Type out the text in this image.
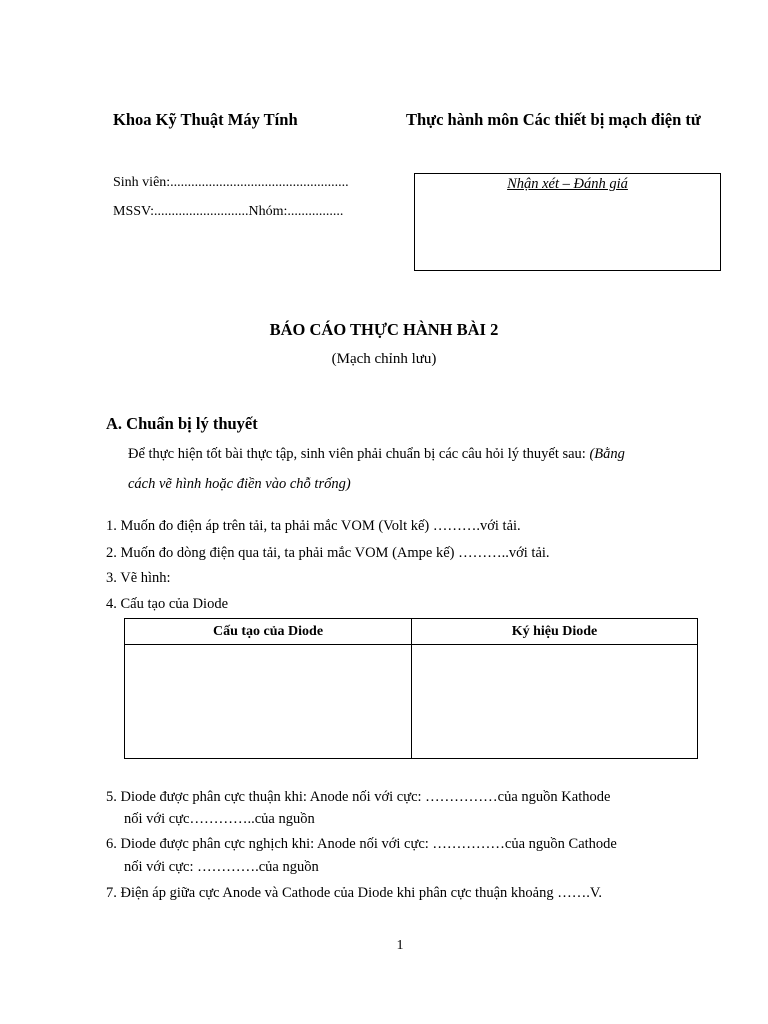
Khoa Kỹ Thuật Máy Tính	Thực hành môn Các thiết bị mạch điện tử
Sinh viên:...................................................
MSSV:...........................Nhóm:................
Nhận xét – Đánh giá
BÁO CÁO THỰC HÀNH BÀI 2
(Mạch chỉnh lưu)
A. Chuẩn bị lý thuyết
Để thực hiện tốt bài thực tập, sinh viên phải chuẩn bị các câu hỏi lý thuyết sau: (Bằng
cách vẽ hình hoặc điền vào chỗ trống)
1. Muốn đo điện áp trên tải, ta phải mắc VOM (Volt kế) ……….với tải.
2. Muốn đo dòng điện qua tải, ta phải mắc VOM (Ampe kế) ………..với tải.
3. Vẽ hình:
4. Cấu tạo của Diode
Cấu tạo của Diode	Ký hiệu Diode

5. Diode được phân cực thuận khi: Anode nối với cực: ……………của nguồn Kathode
nối với cực…………..của nguồn
6. Diode được phân cực nghịch khi: Anode nối với cực: ……………của nguồn Cathode
nối với cực: ………….của nguồn
7. Điện áp giữa cực Anode và Cathode của Diode khi phân cực thuận khoảng …….V.
1
